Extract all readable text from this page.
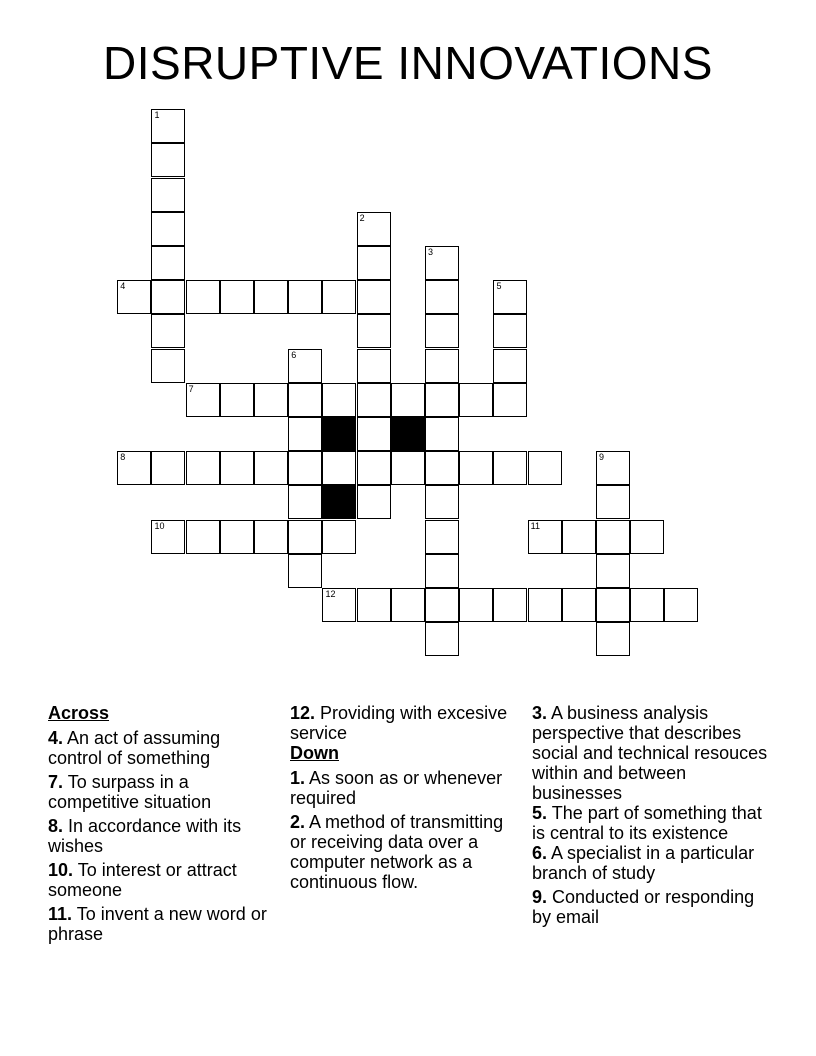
DISRUPTIVE INNOVATIONS
1
2
3
4	5
6
7
8	9
10	11
12
Across

4. An act of assuming control of something

7. To surpass in a competitive situation

8. In accordance with its wishes

10. To interest or attract someone

11. To invent a new word or phrase

12. Providing with excesive service

Down

1. As soon as or whenever required

2. A method of transmitting or receiving data over a computer network as a continuous flow.

3. A business analysis perspective that describes social and technical resouces within and between businesses

5. The part of something that is central to its existence

6. A specialist in a particular branch of study

9. Conducted or responding by email
